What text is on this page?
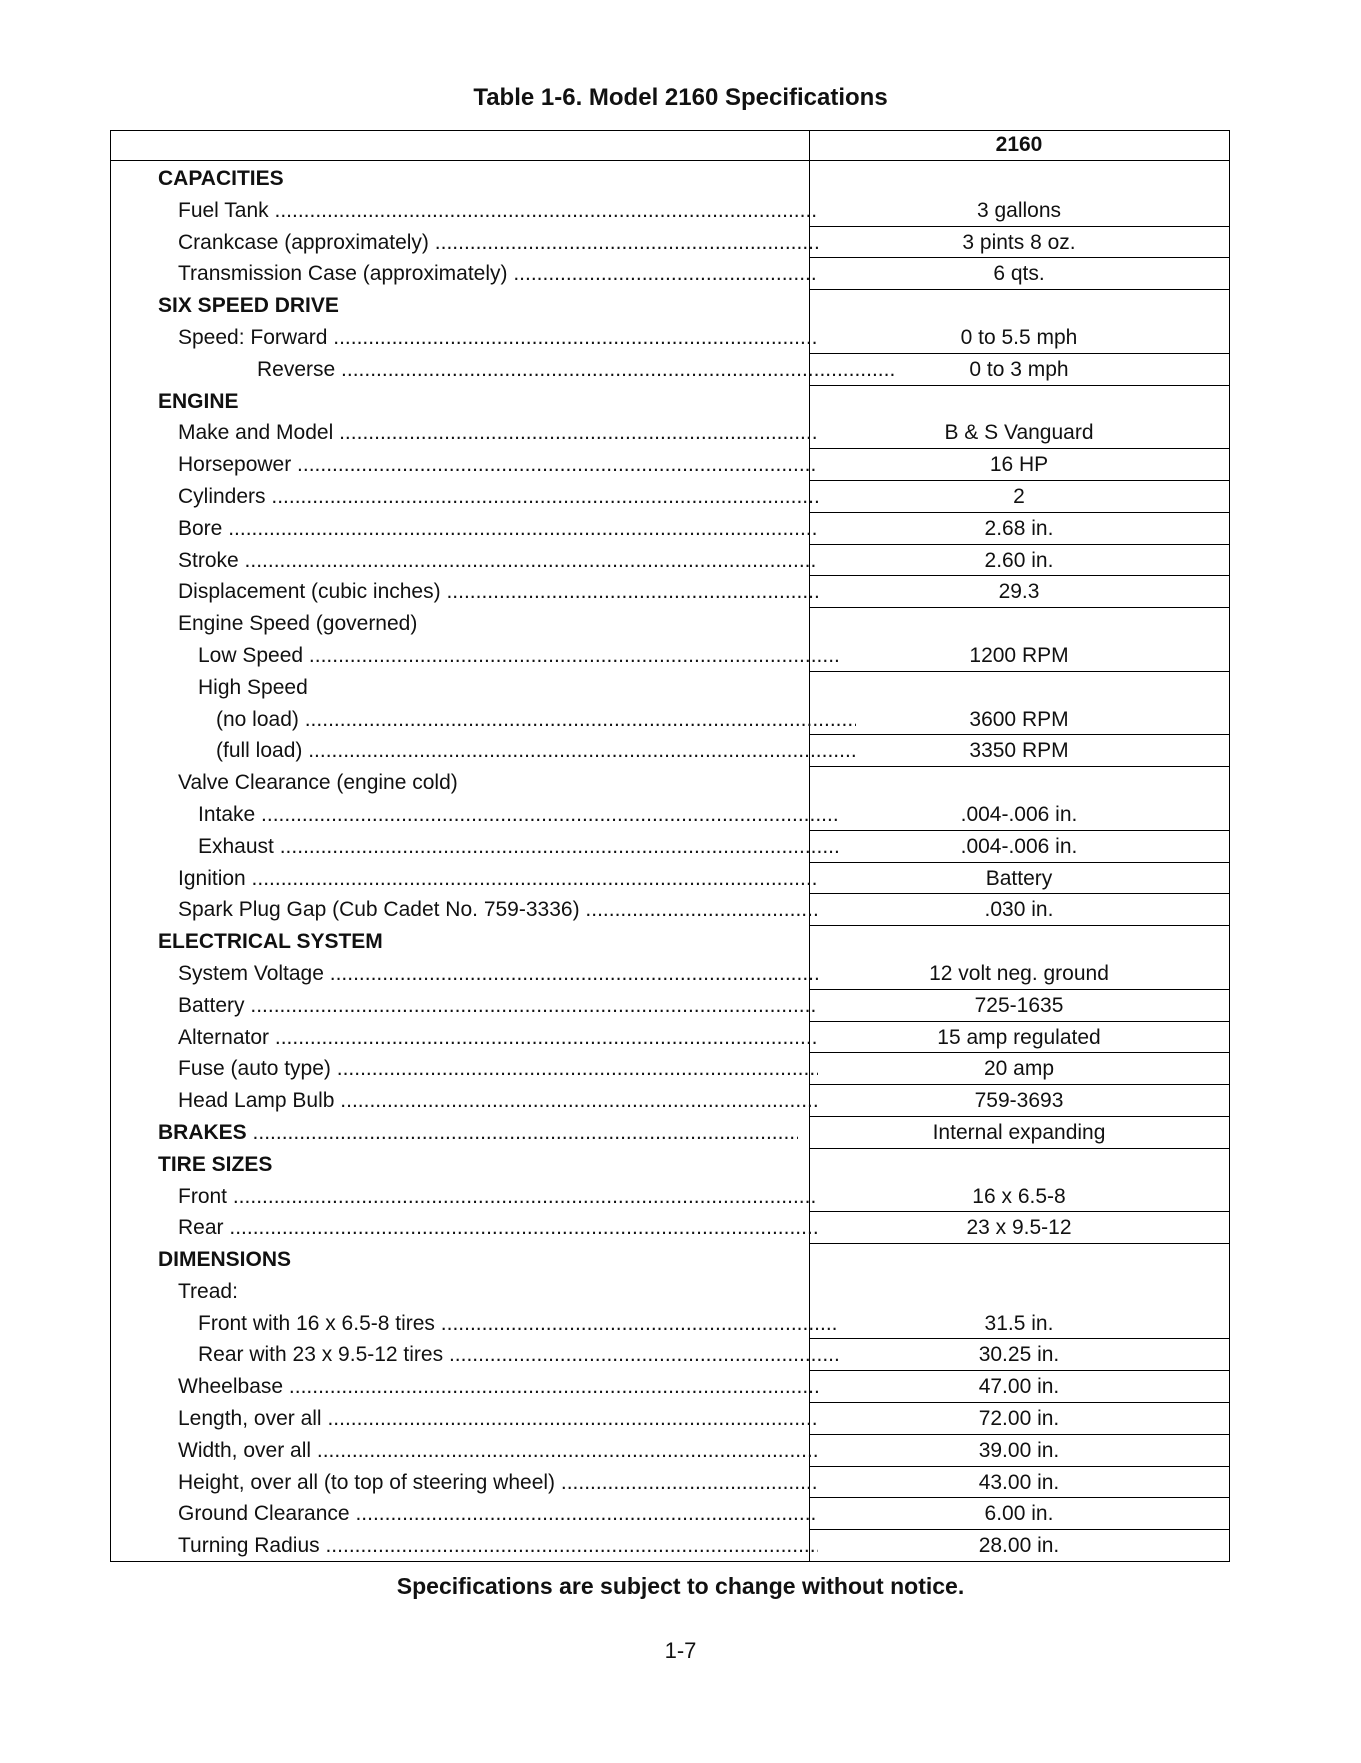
Table 1-6. Model 2160 Specifications
2160
CAPACITIES
Fuel Tank .....	3 gallons
Crankcase (approximately) .....	3 pints 8 oz.
Transmission Case (approximately) .....	6 qts.
SIX SPEED DRIVE
Speed: Forward .....	0 to 5.5 mph
Reverse .....	0 to 3 mph
ENGINE
Make and Model .....	B & S Vanguard
Horsepower .....	16 HP
Cylinders .....	2
Bore .....	2.68 in.
Stroke .....	2.60 in.
Displacement (cubic inches) .....	29.3
Engine Speed (governed)
Low Speed .....	1200 RPM
High Speed
(no load) .....	3600 RPM
(full load) .....	3350 RPM
Valve Clearance (engine cold)
Intake .....	.004-.006 in.
Exhaust .....	.004-.006 in.
Ignition .....	Battery
Spark Plug Gap (Cub Cadet No. 759-3336) .....	.030 in.
ELECTRICAL SYSTEM
System Voltage .....	12 volt neg. ground
Battery .....	725-1635
Alternator .....	15 amp regulated
Fuse (auto type) .....	20 amp
Head Lamp Bulb .....	759-3693
BRAKES .....	Internal expanding
TIRE SIZES
Front .....	16 x 6.5-8
Rear .....	23 x 9.5-12
DIMENSIONS
Tread:
Front with 16 x 6.5-8 tires .....	31.5 in.
Rear with 23 x 9.5-12 tires .....	30.25 in.
Wheelbase .....	47.00 in.
Length, over all .....	72.00 in.
Width, over all .....	39.00 in.
Height, over all (to top of steering wheel) .....	43.00 in.
Ground Clearance .....	6.00 in.
Turning Radius .....	28.00 in.
Specifications are subject to change without notice.
1-7
